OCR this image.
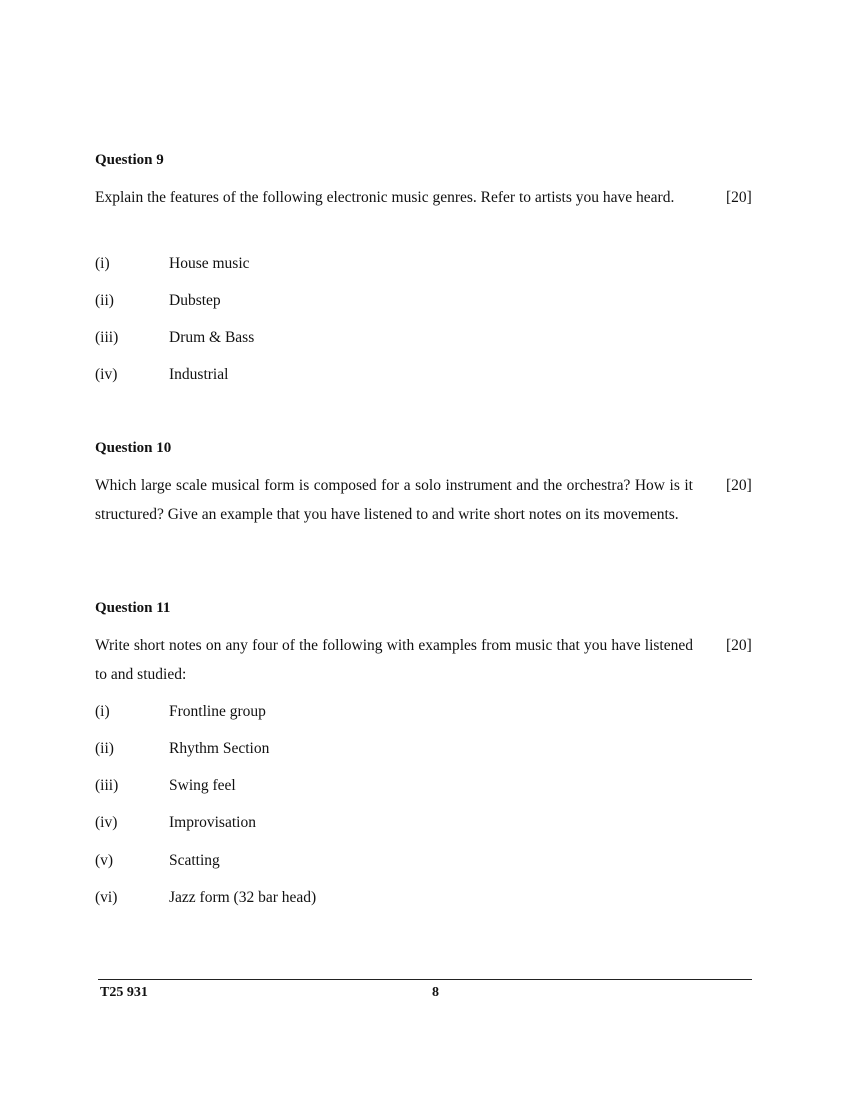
Question 9

Explain the features of the following electronic music genres. Refer to artists you have heard.	[20]
(i)	House music
(ii)	Dubstep
(iii)	Drum & Bass
(iv)	Industrial
Question 10

Which large scale musical form is composed for a solo instrument and the orchestra? How is it structured? Give an example that you have listened to and write short notes on its movements.

[20]
Question 11

Write short notes on any four of the following with examples from music that you have listened to and studied:

[20]
(i)	Frontline group
(ii)	Rhythm Section
(iii)	Swing feel
(iv)	Improvisation
(v)	Scatting
(vi)	Jazz form (32 bar head)
T25 931	8
